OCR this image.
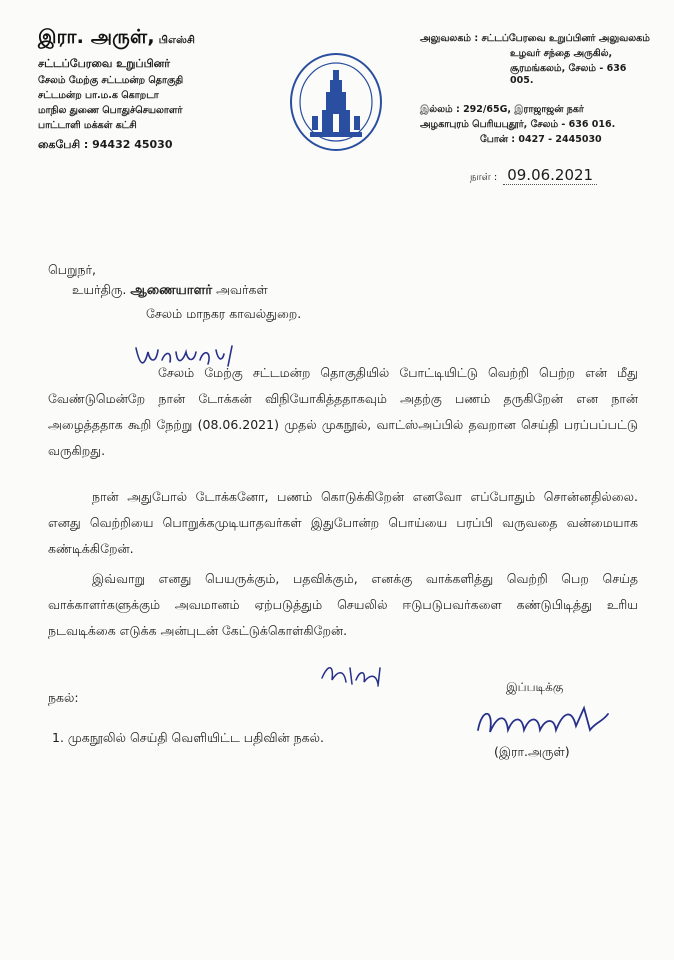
இரா. அருள், பிஎஸ்சி
சட்டப்பேரவை உறுப்பினர்
சேலம் மேற்கு சட்டமன்ற தொகுதி
சட்டமன்ற பா.ம.க கொறடா
மாநில துணை பொதுச்செயலாளர்
பாட்டாளி மக்கள் கட்சி
கைபேசி : 94432 45030
அலுவலகம் : சட்டப்பேரவை உறுப்பினர் அலுவலகம்
உழவர் சந்தை அருகில்,
சூரமங்கலம், சேலம் - 636 005.
இல்லம் : 292/65G, இராஜாஜன் நகர்
அழகாபுரம் பெரியபுதூர், சேலம் - 636 016.
போன் : 0427 - 2445030
நாள் : 09.06.2021
பெறுநர்,
உயர்திரு. ஆணையாளர் அவர்கள்
சேலம் மாநகர காவல்துறை.
சேலம் மேற்கு சட்டமன்ற தொகுதியில் போட்டியிட்டு வெற்றி பெற்ற என் மீது வேண்டுமென்றே நான் டோக்கன் விநியோகித்ததாகவும் அதற்கு பணம் தருகிறேன் என நான் அழைத்ததாக கூறி நேற்று (08.06.2021) முதல் முகநூல், வாட்ஸ்அப்பில் தவறான செய்தி பரப்பப்பட்டு வருகிறது.
நான் அதுபோல் டோக்கனோ, பணம் கொடுக்கிறேன் எனவோ எப்போதும் சொன்னதில்லை. எனது வெற்றியை பொறுக்கமுடியாதவர்கள் இதுபோன்ற பொய்யை பரப்பி வருவதை வன்மையாக கண்டிக்கிறேன்.
இவ்வாறு எனது பெயருக்கும், பதவிக்கும், எனக்கு வாக்களித்து வெற்றி பெற செய்த வாக்காளர்களுக்கும் அவமானம் ஏற்படுத்தும் செயலில் ஈடுபடுபவர்களை கண்டுபிடித்து உரிய நடவடிக்கை எடுக்க அன்புடன் கேட்டுக்கொள்கிறேன்.
இப்படிக்கு
நகல்:
1. முகநூலில் செய்தி வெளியிட்ட பதிவின் நகல்.
(இரா.அருள்)
